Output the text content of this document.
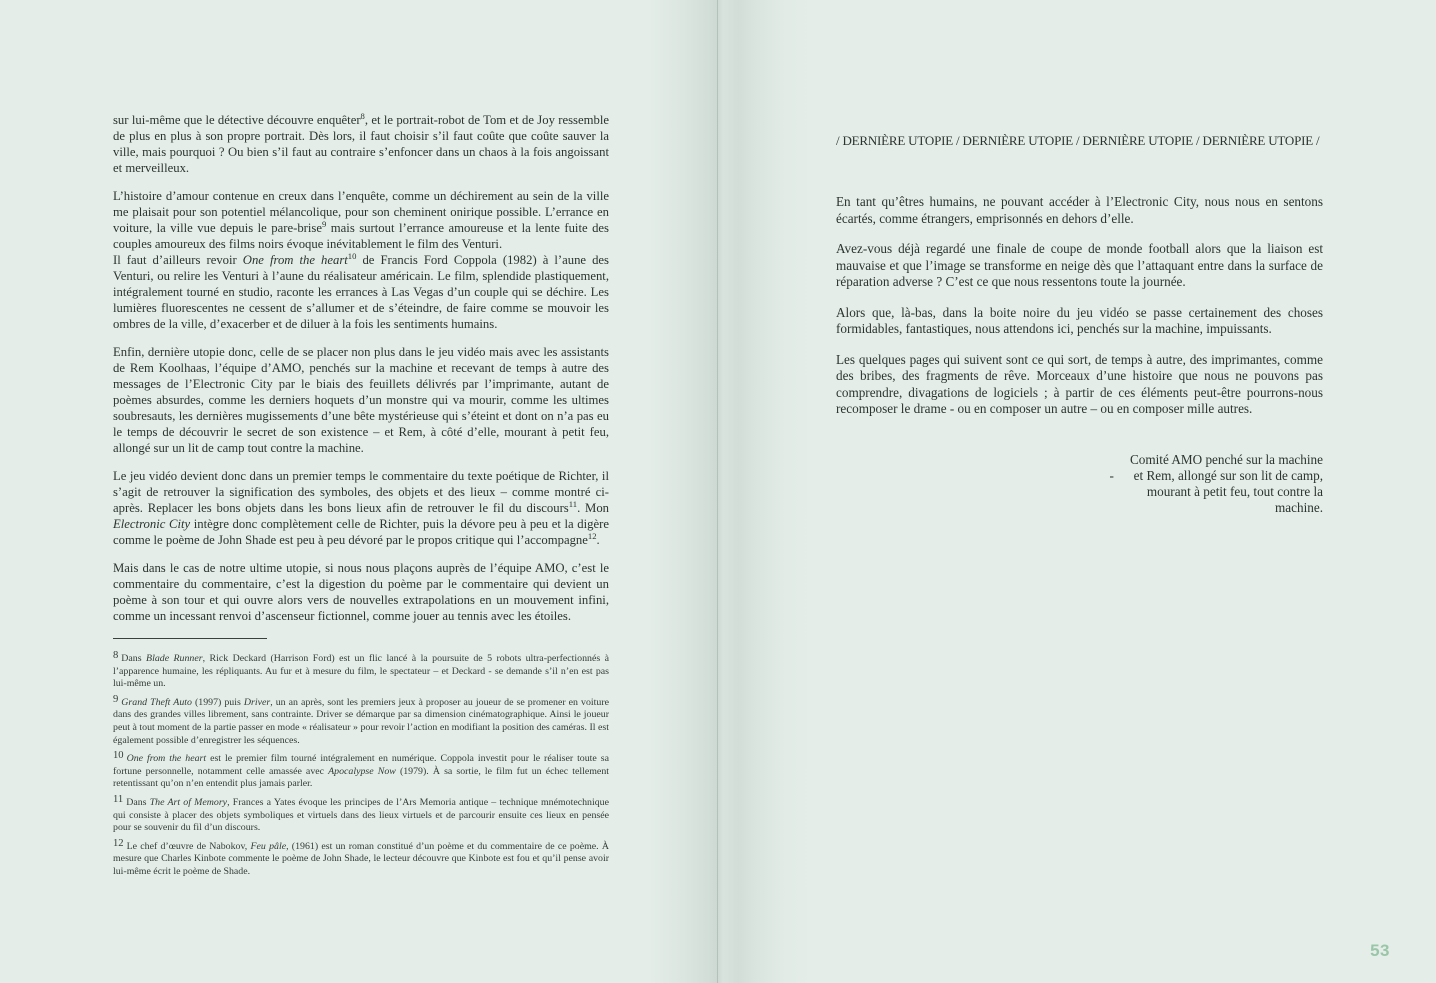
sur lui-même que le détective découvre enquêter$^8$, et le portrait-robot de Tom et de Joy ressemble de plus en plus à son propre portrait. Dès lors, il faut choisir s’il faut coûte que coûte sauver la ville, mais pourquoi ? Ou bien s’il faut au contraire s’enfoncer dans un chaos à la fois angoissant et merveilleux.
L’histoire d’amour contenue en creux dans l’enquête, comme un déchirement au sein de la ville me plaisait pour son potentiel mélancolique, pour son cheminent onirique possible. L’errance en voiture, la ville vue depuis le pare-brise$^9$ mais surtout l’errance amoureuse et la lente fuite des couples amoureux des films noirs évoque inévitablement le film des Venturi.
Il faut d’ailleurs revoir One from the heart$^{10}$ de Francis Ford Coppola (1982) à l’aune des Venturi, ou relire les Venturi à l’aune du réalisateur américain. Le film, splendide plastiquement, intégralement tourné en studio, raconte les errances à Las Vegas d’un couple qui se déchire. Les lumières fluorescentes ne cessent de s’allumer et de s’éteindre, de faire comme se mouvoir les ombres de la ville, d’exacerber et de diluer à la fois les sentiments humains.
Enfin, dernière utopie donc, celle de se placer non plus dans le jeu vidéo mais avec les assistants de Rem Koolhaas, l’équipe d’AMO, penchés sur la machine et recevant de temps à autre des messages de l’Electronic City par le biais des feuillets délivrés par l’imprimante, autant de poèmes absurdes, comme les derniers hoquets d’un monstre qui va mourir, comme les ultimes soubresauts, les dernières mugissements d’une bête mystérieuse qui s’éteint et dont on n’a pas eu le temps de découvrir le secret de son existence – et Rem, à côté d’elle, mourant à petit feu, allongé sur un lit de camp tout contre la machine.
Le jeu vidéo devient donc dans un premier temps le commentaire du texte poétique de Richter, il s’agit de retrouver la signification des symboles, des objets et des lieux – comme montré ci-après. Replacer les bons objets dans les bons lieux afin de retrouver le fil du discours$^{11}$. Mon Electronic City intègre donc complètement celle de Richter, puis la dévore peu à peu et la digère comme le poème de John Shade est peu à peu dévoré par le propos critique qui l’accompagne$^{12}$.
Mais dans le cas de notre ultime utopie, si nous nous plaçons auprès de l’équipe AMO, c’est le commentaire du commentaire, c’est la digestion du poème par le commentaire qui devient un poème à son tour et qui ouvre alors vers de nouvelles extrapolations en un mouvement infini, comme un incessant renvoi d’ascenseur fictionnel, comme jouer au tennis avec les étoiles.
8 Dans Blade Runner, Rick Deckard (Harrison Ford) est un flic lancé à la poursuite de 5 robots ultra-perfectionnés à l’apparence humaine, les répliquants. Au fur et à mesure du film, le spectateur – et Deckard - se demande s’il n’en est pas lui-même un.
9 Grand Theft Auto (1997) puis Driver, un an après, sont les premiers jeux à proposer au joueur de se promener en voiture dans des grandes villes librement, sans contrainte. Driver se démarque par sa dimension cinématographique. Ainsi le joueur peut à tout moment de la partie passer en mode « réalisateur » pour revoir l’action en modifiant la position des caméras. Il est également possible d’enregistrer les séquences.
10 One from the heart est le premier film tourné intégralement en numérique. Coppola investit pour le réaliser toute sa fortune personnelle, notamment celle amassée avec Apocalypse Now (1979). À sa sortie, le film fut un échec tellement retentissant qu’on n’en entendit plus jamais parler.
11 Dans The Art of Memory, Frances a Yates évoque les principes de l’Ars Memoria antique – technique mnémotechnique qui consiste à placer des objets symboliques et virtuels dans des lieux virtuels et de parcourir ensuite ces lieux en pensée pour se souvenir du fil d’un discours.
12 Le chef d’œuvre de Nabokov, Feu pâle, (1961) est un roman constitué d’un poème et du commentaire de ce poème. À mesure que Charles Kinbote commente le poème de John Shade, le lecteur découvre que Kinbote est fou et qu’il pense avoir lui-même écrit le poème de Shade.
/ DERNIÈRE UTOPIE / DERNIÈRE UTOPIE / DERNIÈRE UTOPIE / DERNIÈRE UTOPIE /
En tant qu’êtres humains, ne pouvant accéder à l’Electronic City, nous nous en sentons écartés, comme étrangers, emprisonnés en dehors d’elle.
Avez-vous déjà regardé une finale de coupe de monde football alors que la liaison est mauvaise et que l’image se transforme en neige dès que l’attaquant entre dans la surface de réparation adverse ? C’est ce que nous ressentons toute la journée.
Alors que, là-bas, dans la boite noire du jeu vidéo se passe certainement des choses formidables, fantastiques, nous attendons ici, penchés sur la machine, impuissants.
Les quelques pages qui suivent sont ce qui sort, de temps à autre, des imprimantes, comme des bribes, des fragments de rêve. Morceaux d’une histoire que nous ne pouvons pas comprendre, divagations de logiciels ; à partir de ces éléments peut-être pourrons-nous recomposer le drame - ou en composer un autre – ou en composer mille autres.
Comité AMO penché sur la machine
-      et Rem, allongé sur son lit de camp,
mourant à petit feu, tout contre la
machine.
53
